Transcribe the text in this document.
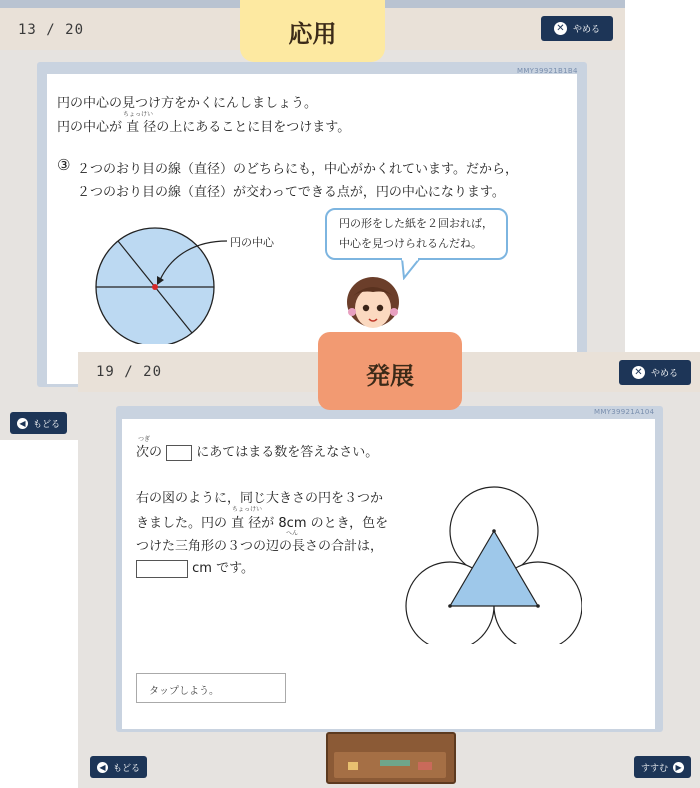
13 / 20	応用	✕ やめる
MMY39921B1B4
円の中心の見つけ方をかくにんしましょう。
ちょっけい
円の中心が 直 径の上にあることに目をつけます。
③ ２つのおり目の線（直径）のどちらにも，中心がかくれています。だから，
２つのおり目の線（直径）が交わってできる点が，円の中心になります。
円の中心
円の形をした紙を２回おれば，
中心を見つけられるんだね。
◀ もどる
19 / 20	✕ やめる
MMY39921A104
つぎ
次の	にあてはまる数を答えなさい。
右の図のように，同じ大きさの円を３つか
ちょっけい
きました。円の 直 径が 8cm のとき，色を
へん
つけた三角形の３つの辺の長さの合計は，
cm です。
タップしよう。
◀ もどる	すすむ ▶
発展
